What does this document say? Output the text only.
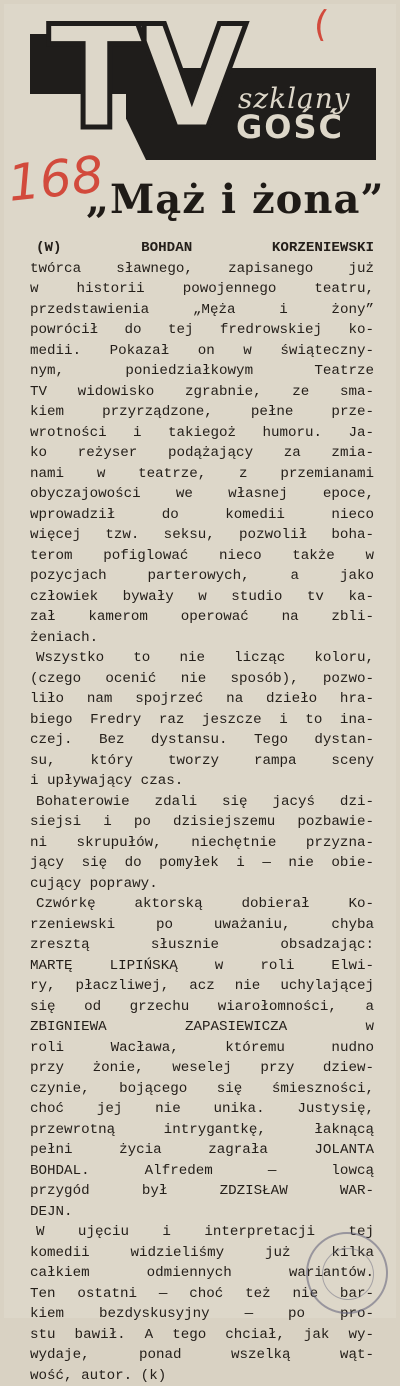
TV szklany
GOŚĆ
(
168
„Mąż i żona”
(W) BOHDAN KORZENIEWSKI
twórca sławnego, zapisanego już
w historii powojennego teatru,
przedstawienia „Męża i żony”
powrócił do tej fredrowskiej ko-
medii. Pokazał on w świąteczny-
nym, poniedziałkowym Teatrze
TV widowisko zgrabnie, ze sma-
kiem przyrządzone, pełne prze-
wrotności i takiegoż humoru. Ja-
ko reżyser podążający za zmia-
nami w teatrze, z przemianami
obyczajowości we własnej epoce,
wprowadził do komedii nieco
więcej tzw. seksu, pozwolił boha-
terom pofiglować nieco także w
pozycjach parterowych, a jako
człowiek bywały w studio tv ka-
zał kamerom operować na zbli-
żeniach.
Wszystko to nie licząc koloru,
(czego ocenić nie sposób), pozwo-
liło nam spojrzeć na dzieło hra-
biego Fredry raz jeszcze i to ina-
czej. Bez dystansu. Tego dystan-
su, który tworzy rampa sceny
i upływający czas.
Bohaterowie zdali się jacyś dzi-
siejsi i po dzisiejszemu pozbawie-
ni skrupułów, niechętnie przyzna-
jący się do pomyłek i — nie obie-
cujący poprawy.
Czwórkę aktorską dobierał Ko-
rzeniewski po uważaniu, chyba
zresztą słusznie obsadzając:
MARTĘ LIPIŃSKĄ w roli Elwi-
ry, płaczliwej, acz nie uchylającej
się od grzechu wiarołomności, a
ZBIGNIEWA ZAPASIEWICZA w
roli Wacława, któremu nudno
przy żonie, weselej przy dziew-
czynie, bojącego się śmieszności,
choć jej nie unika. Justysię,
przewrotną intrygantkę, łaknącą
pełni życia zagrała JOLANTA
BOHDAL. Alfredem — lowcą
przygód był ZDZISŁAW WAR-
DEJN.
W ujęciu i interpretacji tej
komedii widzieliśmy już kilka
całkiem odmiennych wariantów.
Ten ostatni — choć też nie bar-
kiem bezdyskusyjny — po pro-
stu bawił. A tego chciał, jak wy-
wydaje, ponad wszelką wąt-
wość, autor. (k)
